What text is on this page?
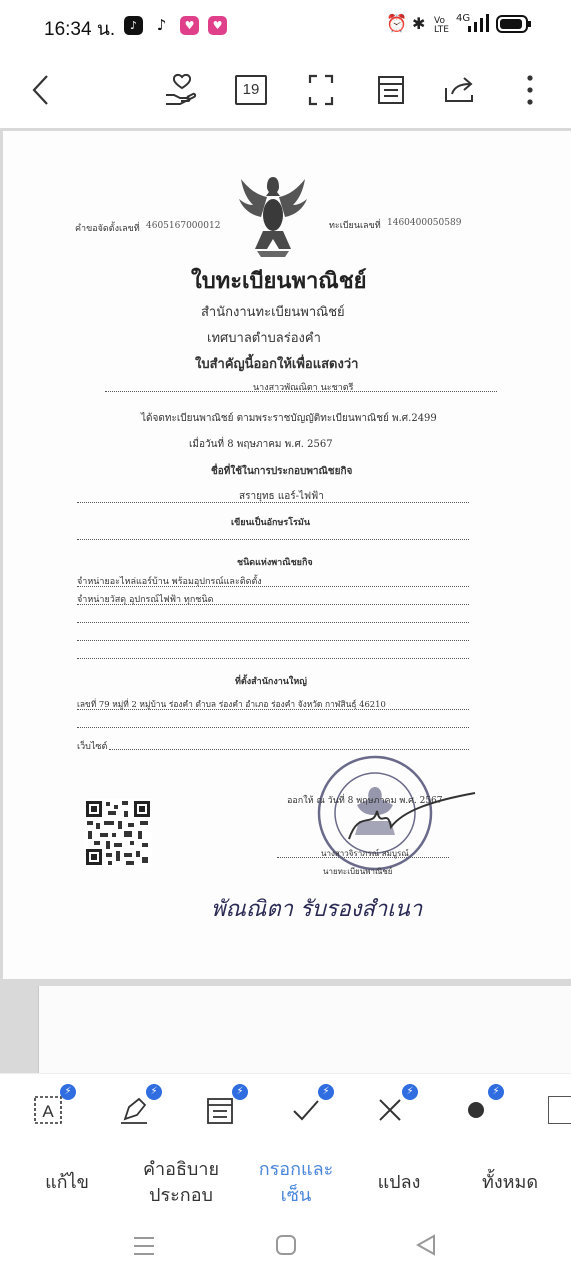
16:34 น.	♪	♪	♥	♥	⏰ ✱ Vo
LTE
4G
19
คำขอจัดตั้งเลขที่ 4605167000012	ทะเบียนเลขที่ 1460400050589
ใบทะเบียนพาณิชย์
สำนักงานทะเบียนพาณิชย์
เทศบาลตำบลร่องคำ
ใบสำคัญนี้ออกให้เพื่อแสดงว่า
นางสาวพัณณิตา นะชาตรี
ได้จดทะเบียนพาณิชย์ ตามพระราชบัญญัติทะเบียนพาณิชย์ พ.ศ.2499
เมื่อวันที่ 8 พฤษภาคม พ.ศ. 2567
ชื่อที่ใช้ในการประกอบพาณิชยกิจ
สรายุทธ แอร์-ไฟฟ้า
เขียนเป็นอักษรโรมัน
ชนิดแห่งพาณิชยกิจ
จำหน่ายอะไหล่แอร์บ้าน พร้อมอุปกรณ์และติดตั้ง
จำหน่ายวัสดุ อุปกรณ์ไฟฟ้า ทุกชนิด
ที่ตั้งสำนักงานใหญ่
เลขที่ 79 หมู่ที่ 2 หมู่บ้าน ร่องคำ ตำบล ร่องคำ อำเภอ ร่องคำ จังหวัด กาฬสินธุ์ 46210
เว็บไซต์
ออกให้ ณ วันที่ 8 พฤษภาคม พ.ศ. 2567
นางสาวจิราภรณ์ สมบูรณ์
นายทะเบียนพาณิชย์
พัณณิตา รับรองสำเนา
A
⚡	⚡	⚡	⚡	⚡	⚡
แก้ไข
คำอธิบาย ประกอบ
กรอกและ เซ็น
แปลง	ทั้งหมด
